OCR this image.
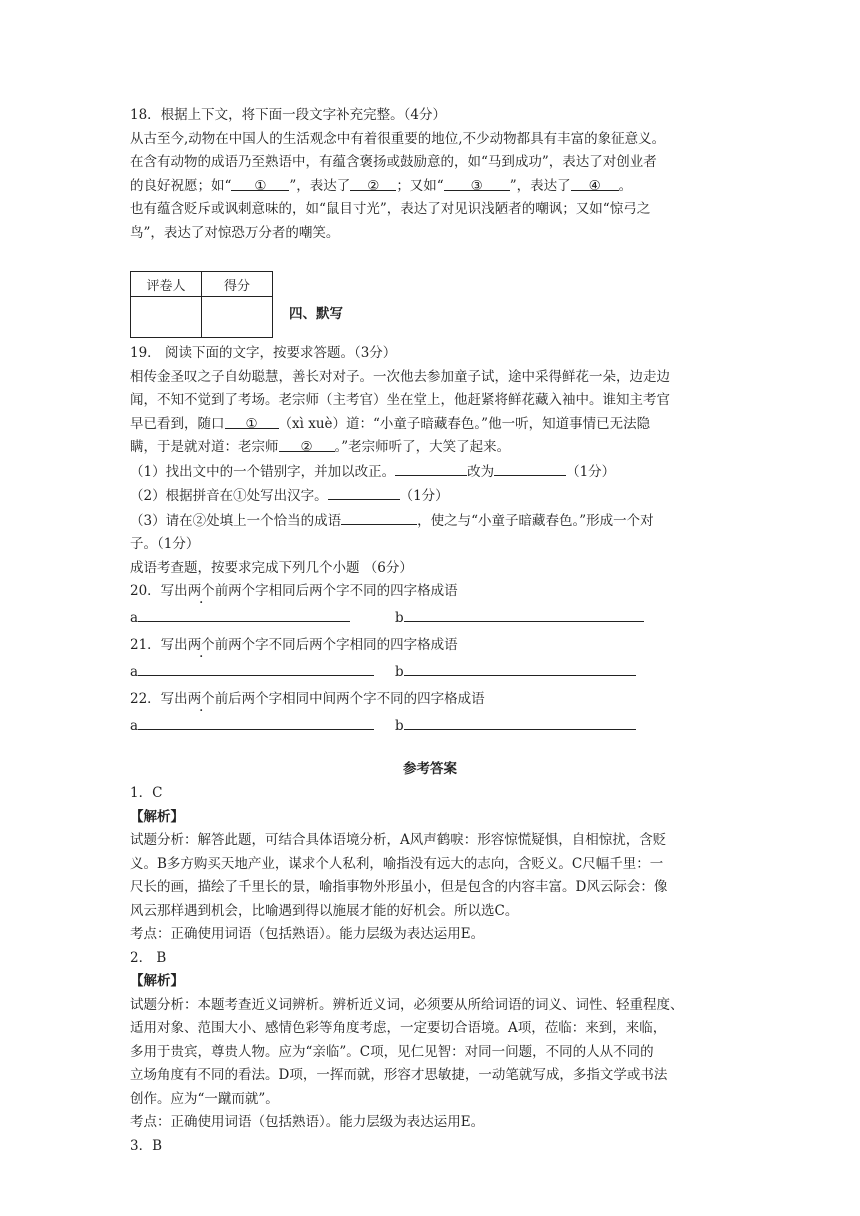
18．根据上下文，将下面一段文字补充完整。（4分）
从古至今,动物在中国人的生活观念中有着很重要的地位,不少动物都具有丰富的象征意义。
在含有动物的成语乃至熟语中，有蕴含褒扬或鼓励意的，如“马到成功”，表达了对创业者
的良好祝愿；如“ ① ”，表达了 ② ；又如“ ③ ”，表达了 ④ 。
也有蕴含贬斥或讽刺意味的，如“鼠目寸光”，表达了对见识浅陋者的嘲讽；又如“惊弓之
鸟”，表达了对惊恐万分者的嘲笑。
评卷人	得分

四、默写
19． 阅读下面的文字，按要求答题。（3分）
相传金圣叹之子自幼聪慧，善长对对子。一次他去参加童子试，途中采得鲜花一朵，边走边
闻，不知不觉到了考场。老宗师（主考官）坐在堂上，他赶紧将鲜花藏入袖中。谁知主考官
早已看到，随口 ① （xì xuè）道：“小童子暗藏春色。”他一听，知道事情已无法隐
瞒，于是就对道：老宗师 ② 。”老宗师听了，大笑了起来。
（1）找出文中的一个错别字，并加以改正。	改为	（1分）
（2）根据拼音在①处写出汉字。	（1分）
（3）请在②处填上一个恰当的成语	，使之与“小童子暗藏春色。”形成一个对
子。（1分）
成语考查题，按要求完成下列几个小题 （6分）
20．写出两个前两个字相同后两个字不同的四字格成语
a	b
21．写出两个前两个字不同后两个字相同的四字格成语
a	b
22．写出两个前后两个字相同中间两个字不同的四字格成语
a	b
参考答案
1．C
【解析】
试题分析：解答此题，可结合具体语境分析，A风声鹤唳：形容惊慌疑惧，自相惊扰，含贬
义。B多方购买天地产业，谋求个人私利，喻指没有远大的志向，含贬义。C尺幅千里：一
尺长的画，描绘了千里长的景，喻指事物外形虽小，但是包含的内容丰富。D风云际会：像
风云那样遇到机会，比喻遇到得以施展才能的好机会。所以选C。
考点：正确使用词语（包括熟语）。能力层级为表达运用E。
2． B
【解析】
试题分析：本题考查近义词辨析。辨析近义词，必须要从所给词语的词义、词性、轻重程度、
适用对象、范围大小、感情色彩等角度考虑，一定要切合语境。A项，莅临：来到，来临，
多用于贵宾，尊贵人物。应为“亲临”。C项，见仁见智：对同一问题，不同的人从不同的
立场角度有不同的看法。D项，一挥而就，形容才思敏捷，一动笔就写成，多指文学或书法
创作。应为“一蹴而就”。
考点：正确使用词语（包括熟语）。能力层级为表达运用E。
3．B
